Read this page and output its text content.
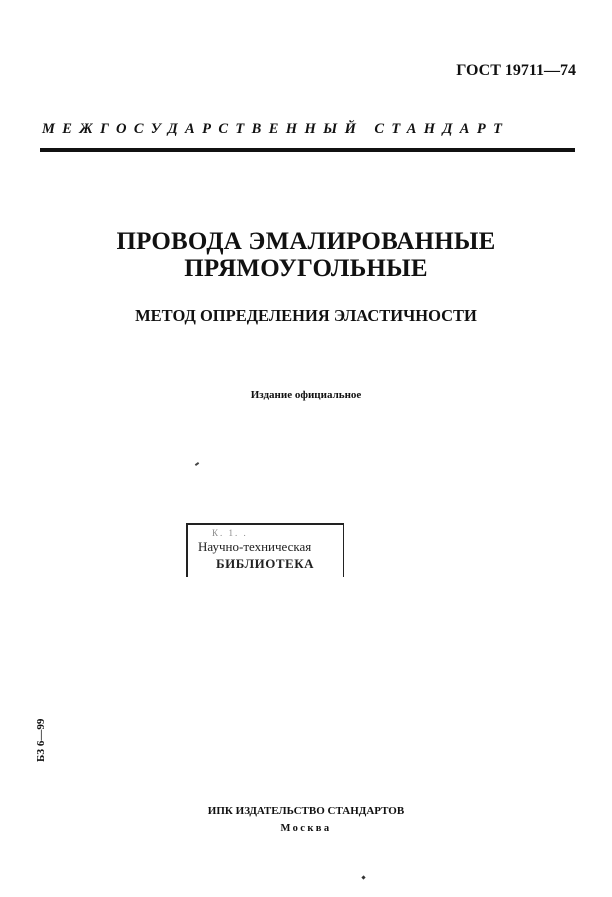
ГОСТ 19711—74
МЕЖГОСУДАРСТВЕННЫЙ СТАНДАРТ
ПРОВОДА ЭМАЛИРОВАННЫЕ
ПРЯМОУГОЛЬНЫЕ
МЕТОД ОПРЕДЕЛЕНИЯ ЭЛАСТИЧНОСТИ
Издание официальное
К. 1. .
Научно-техническая
БИБЛИОТЕКА
БЗ 6—99
ИПК ИЗДАТЕЛЬСТВО СТАНДАРТОВ
Москва
